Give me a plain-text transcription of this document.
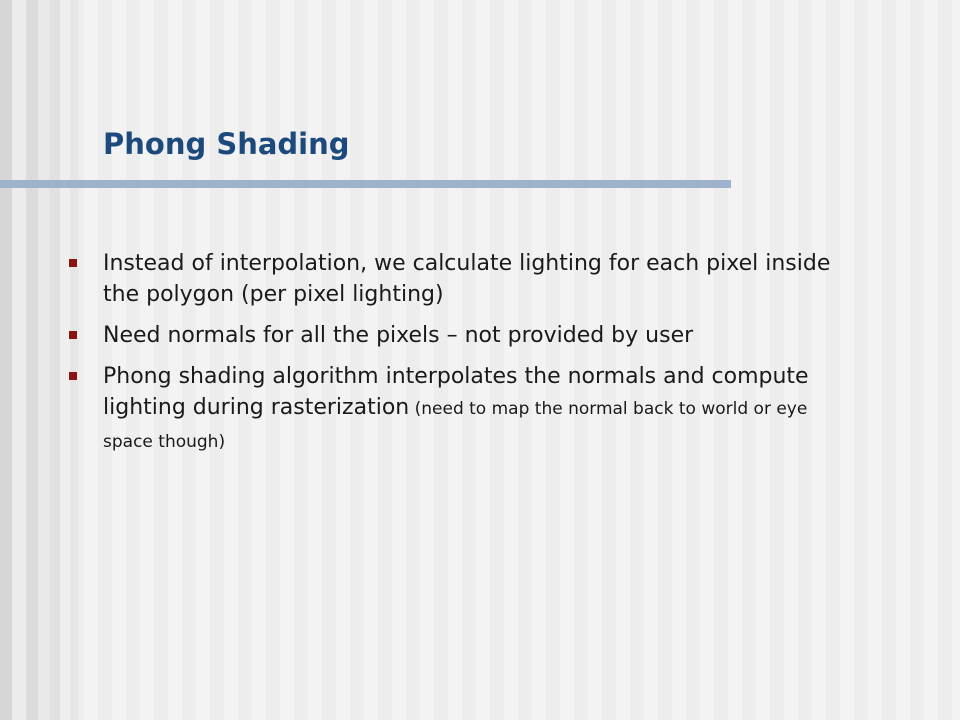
Phong Shading
Instead of interpolation, we calculate lighting for each pixel inside the polygon (per pixel lighting)
Need normals for all the pixels – not provided by user
Phong shading algorithm interpolates the normals and compute lighting during rasterization (need to map the normal back to world or eye space though)
